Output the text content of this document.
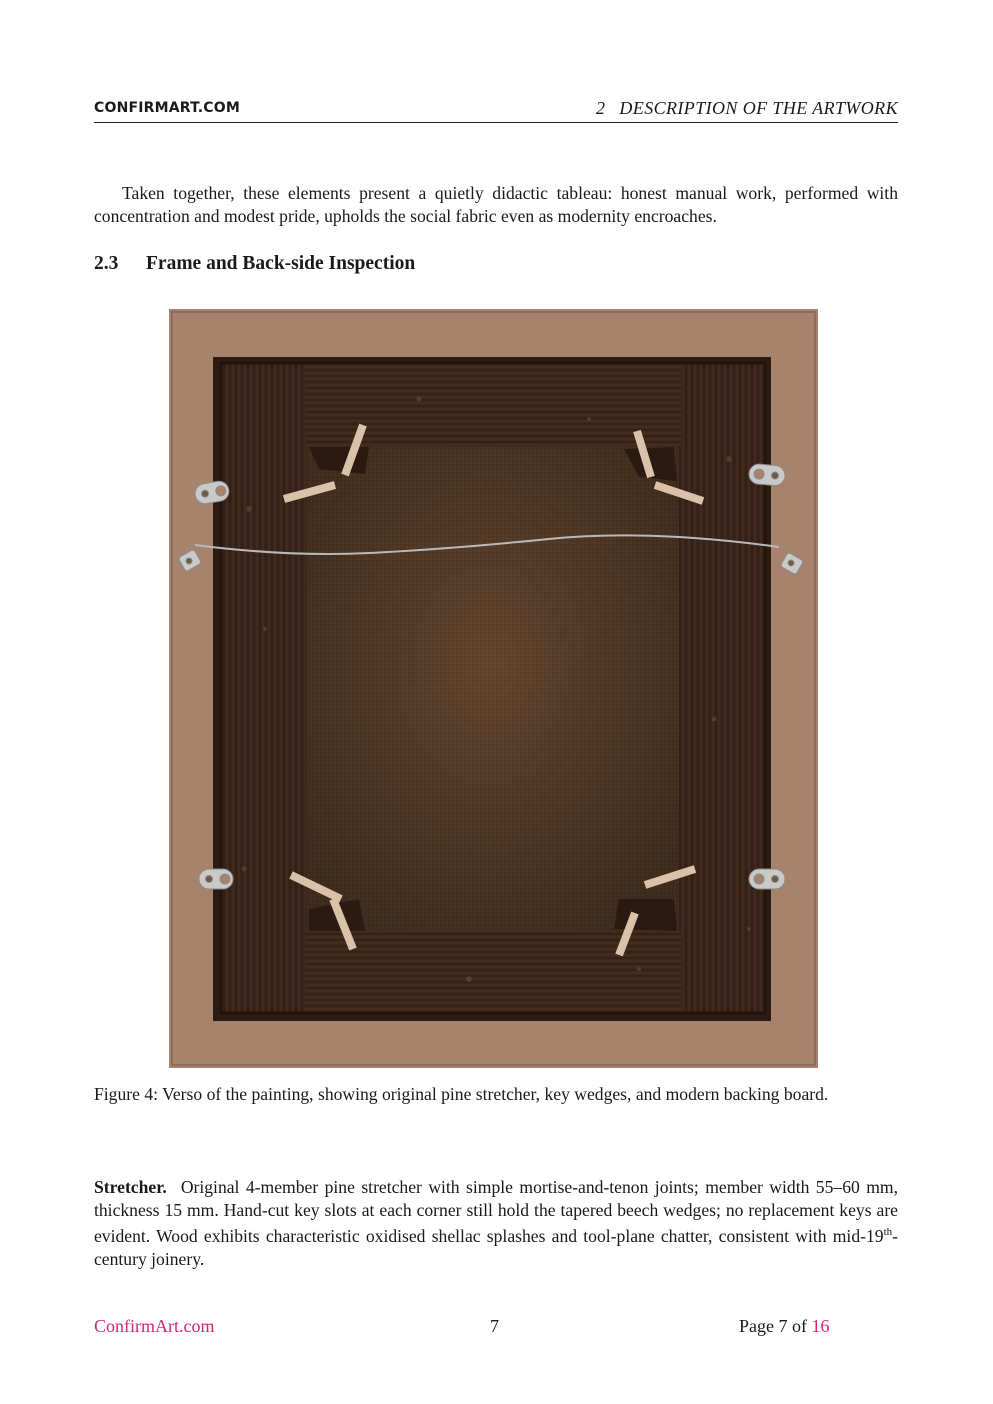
CONFIRMART.COM	2 DESCRIPTION OF THE ARTWORK

Taken together, these elements present a quietly didactic tableau: honest manual work, performed with concentration and modest pride, upholds the social fabric even as modernity encroaches.

2.3 Frame and Back-side Inspection

Figure 4: Verso of the painting, showing original pine stretcher, key wedges, and modern backing board.

Stretcher. Original 4-member pine stretcher with simple mortise-and-tenon joints; member width 55–60 mm, thickness 15 mm. Hand-cut key slots at each corner still hold the tapered beech wedges; no replacement keys are evident. Wood exhibits characteristic oxidised shellac splashes and tool-plane chatter, consistent with mid-19th-century joinery.

ConfirmArt.com	7	Page 7 of 16
